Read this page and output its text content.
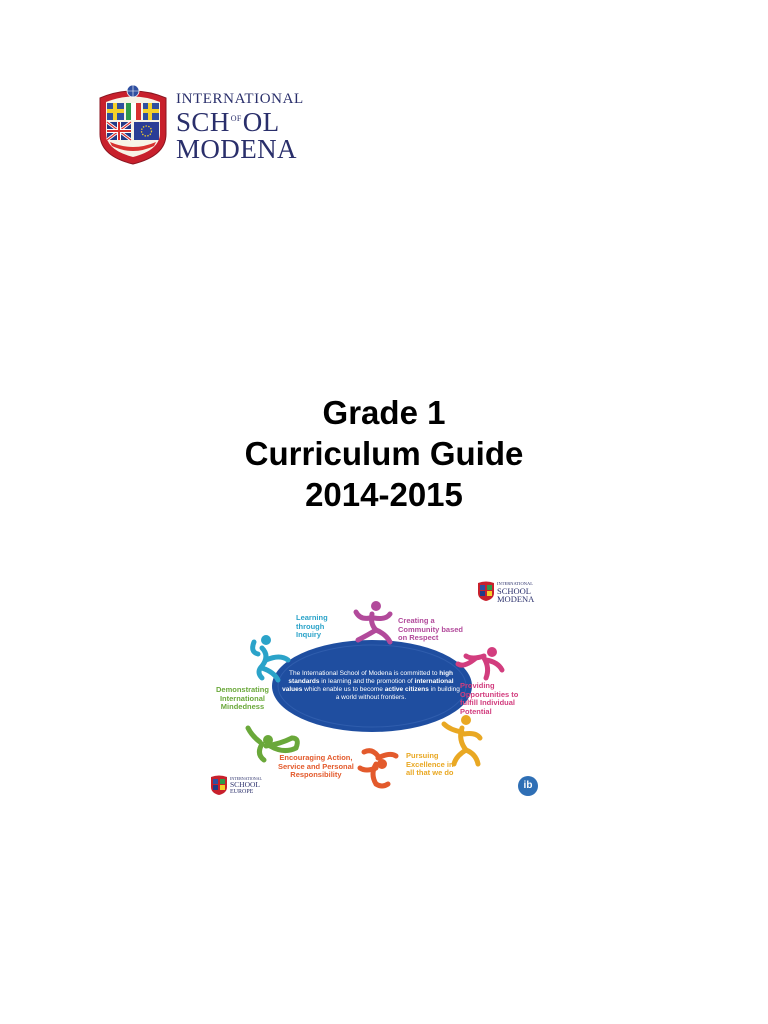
INTERNATIONAL
$SCH^{OF}OL$
MODENA
Grade 1
Curriculum Guide
2014-2015
The International School of Modena is committed to high standards in learning and the promotion of international values which enable us to become active citizens in building a world without frontiers.
Learning
through
Inquiry
Creating a
Community based
on Respect
Providing
Opportunities to
fulfill Individual
Potential
Pursuing
Excellence in
all that we do
Encouraging Action,
Service and Personal
Responsibility
Demonstrating
International
Mindedness
INTERNATIONAL
SCHOOL
MODENA
INTERNATIONAL
SCHOOL
EUROPE
ib
